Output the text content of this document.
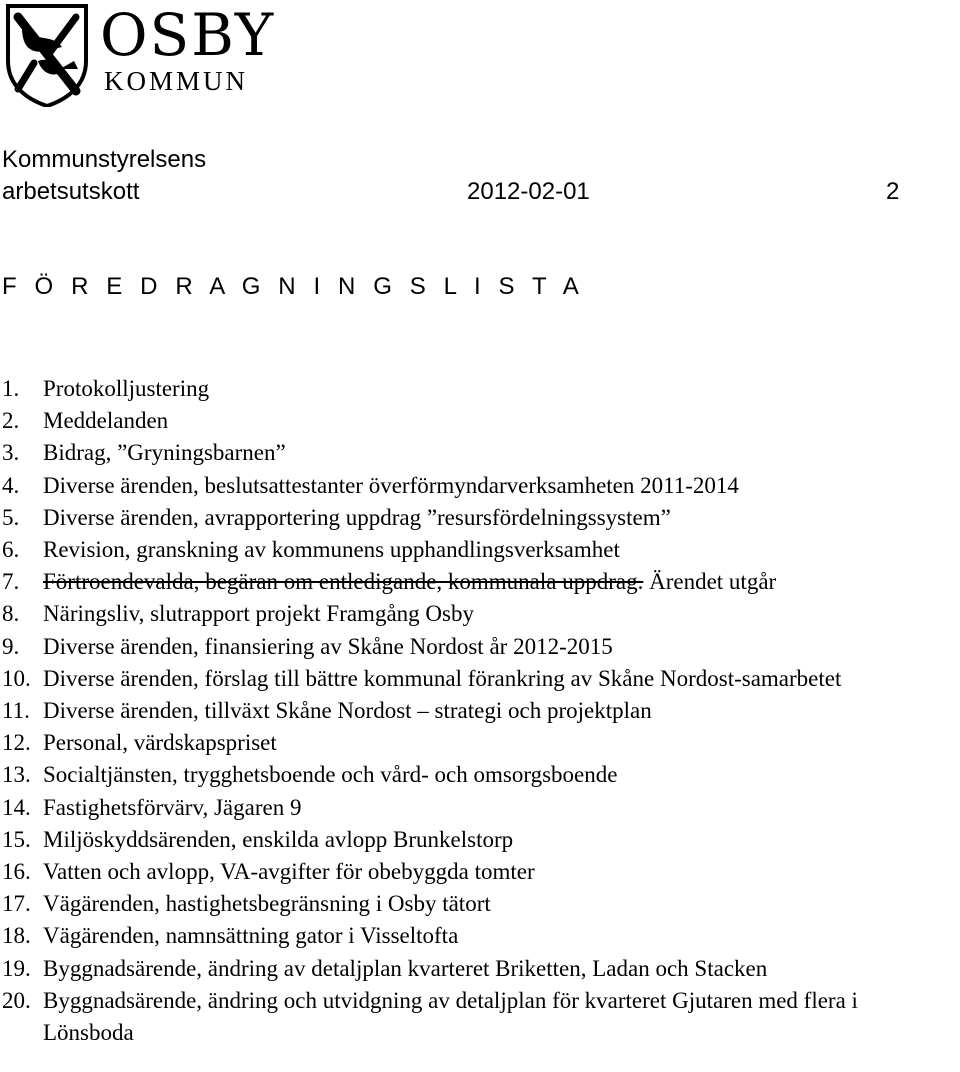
OSBY
KOMMUN
Kommunstyrelsens
arbetsutskott	2012-02-01	2
F Ö R E D R A G N I N G S L I S T A
1. Protokolljustering
2. Meddelanden
3. Bidrag, ”Gryningsbarnen”
4. Diverse ärenden, beslutsattestanter överförmyndarverksamheten 2011-2014
5. Diverse ärenden, avrapportering uppdrag ”resursfördelningssystem”
6. Revision, granskning av kommunens upphandlingsverksamhet
7. Förtroendevalda, begäran om entledigande, kommunala uppdrag. Ärendet utgår
8. Näringsliv, slutrapport projekt Framgång Osby
9. Diverse ärenden, finansiering av Skåne Nordost år 2012-2015
10. Diverse ärenden, förslag till bättre kommunal förankring av Skåne Nordost-samarbetet
11. Diverse ärenden, tillväxt Skåne Nordost – strategi och projektplan
12. Personal, värdskapspriset
13. Socialtjänsten, trygghetsboende och vård- och omsorgsboende
14. Fastighetsförvärv, Jägaren 9
15. Miljöskyddsärenden, enskilda avlopp Brunkelstorp
16. Vatten och avlopp, VA-avgifter för obebyggda tomter
17. Vägärenden, hastighetsbegränsning i Osby tätort
18. Vägärenden, namnsättning gator i Visseltofta
19. Byggnadsärende, ändring av detaljplan kvarteret Briketten, Ladan och Stacken
20. Byggnadsärende, ändring och utvidgning av detaljplan för kvarteret Gjutaren med flera i Lönsboda
